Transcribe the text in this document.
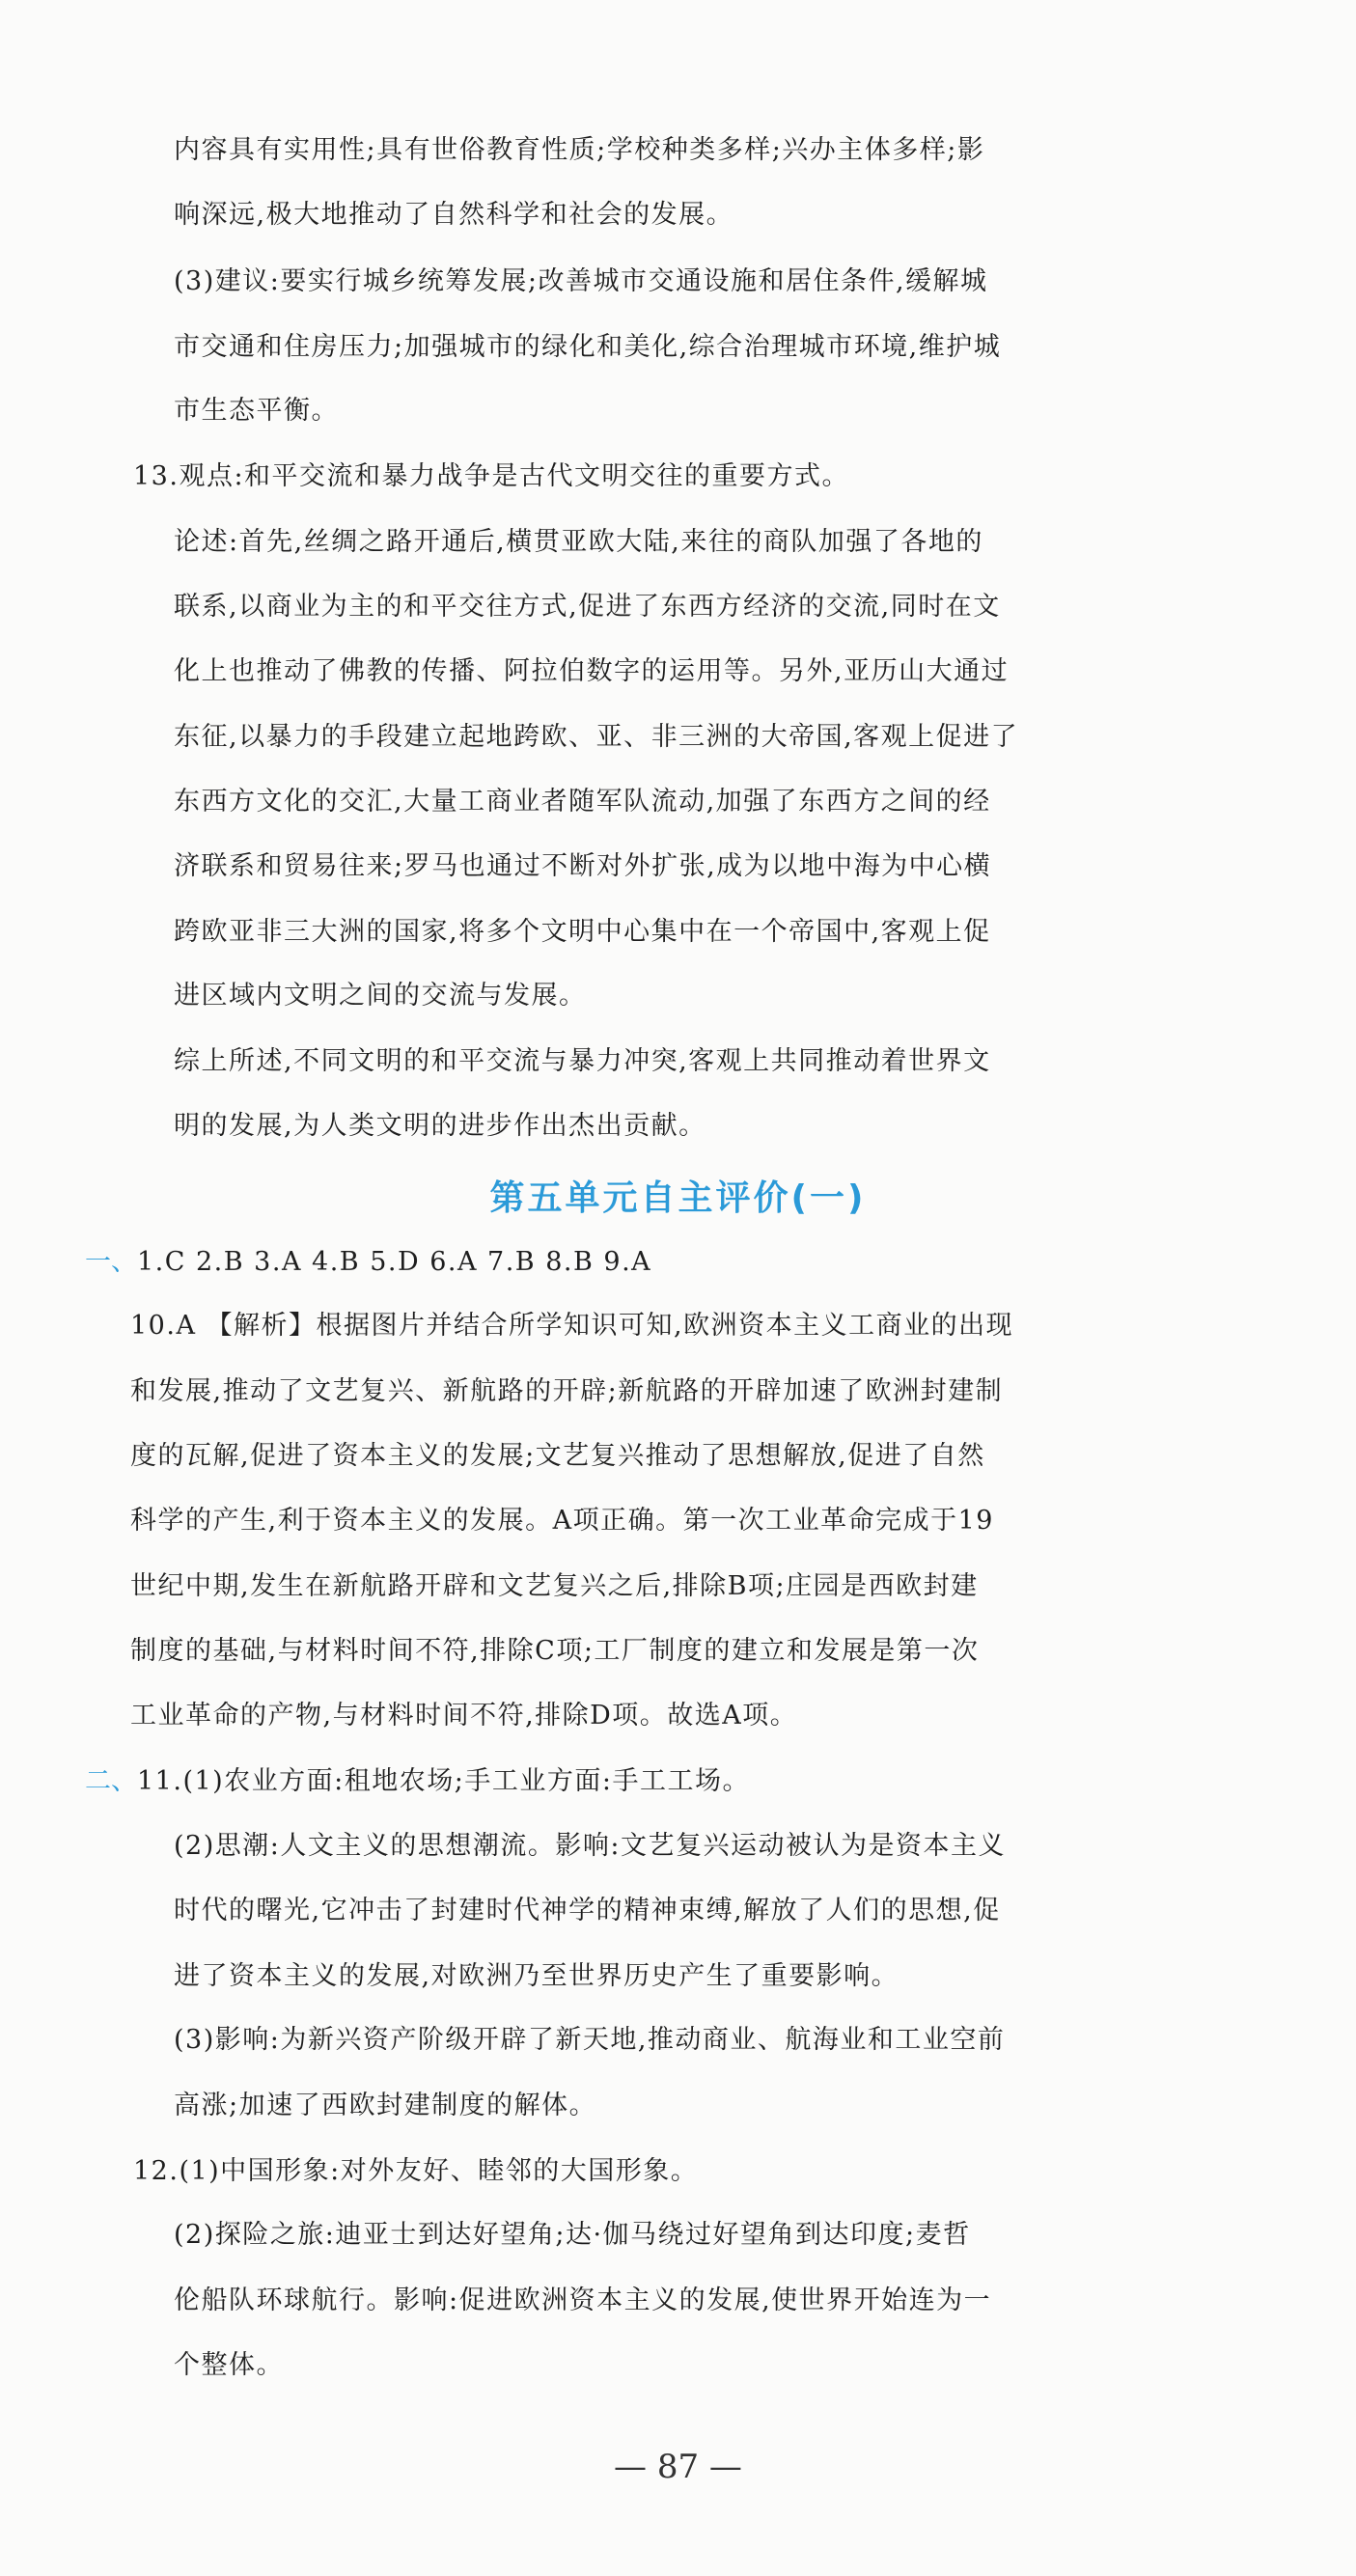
内容具有实用性;具有世俗教育性质;学校种类多样;兴办主体多样;影
响深远,极大地推动了自然科学和社会的发展。
(3)建议:要实行城乡统筹发展;改善城市交通设施和居住条件,缓解城
市交通和住房压力;加强城市的绿化和美化,综合治理城市环境,维护城
市生态平衡。
13.观点:和平交流和暴力战争是古代文明交往的重要方式。
论述:首先,丝绸之路开通后,横贯亚欧大陆,来往的商队加强了各地的
联系,以商业为主的和平交往方式,促进了东西方经济的交流,同时在文
化上也推动了佛教的传播、阿拉伯数字的运用等。另外,亚历山大通过
东征,以暴力的手段建立起地跨欧、亚、非三洲的大帝国,客观上促进了
东西方文化的交汇,大量工商业者随军队流动,加强了东西方之间的经
济联系和贸易往来;罗马也通过不断对外扩张,成为以地中海为中心横
跨欧亚非三大洲的国家,将多个文明中心集中在一个帝国中,客观上促
进区域内文明之间的交流与发展。
综上所述,不同文明的和平交流与暴力冲突,客观上共同推动着世界文
明的发展,为人类文明的进步作出杰出贡献。
第五单元自主评价(一)
一、1.C 2.B 3.A 4.B 5.D 6.A 7.B 8.B 9.A
10.A 【解析】根据图片并结合所学知识可知,欧洲资本主义工商业的出现
和发展,推动了文艺复兴、新航路的开辟;新航路的开辟加速了欧洲封建制
度的瓦解,促进了资本主义的发展;文艺复兴推动了思想解放,促进了自然
科学的产生,利于资本主义的发展。A项正确。第一次工业革命完成于19
世纪中期,发生在新航路开辟和文艺复兴之后,排除B项;庄园是西欧封建
制度的基础,与材料时间不符,排除C项;工厂制度的建立和发展是第一次
工业革命的产物,与材料时间不符,排除D项。故选A项。
二、11.(1)农业方面:租地农场;手工业方面:手工工场。
(2)思潮:人文主义的思想潮流。影响:文艺复兴运动被认为是资本主义
时代的曙光,它冲击了封建时代神学的精神束缚,解放了人们的思想,促
进了资本主义的发展,对欧洲乃至世界历史产生了重要影响。
(3)影响:为新兴资产阶级开辟了新天地,推动商业、航海业和工业空前
高涨;加速了西欧封建制度的解体。
12.(1)中国形象:对外友好、睦邻的大国形象。
(2)探险之旅:迪亚士到达好望角;达·伽马绕过好望角到达印度;麦哲
伦船队环球航行。影响:促进欧洲资本主义的发展,使世界开始连为一
个整体。
— 87 —
